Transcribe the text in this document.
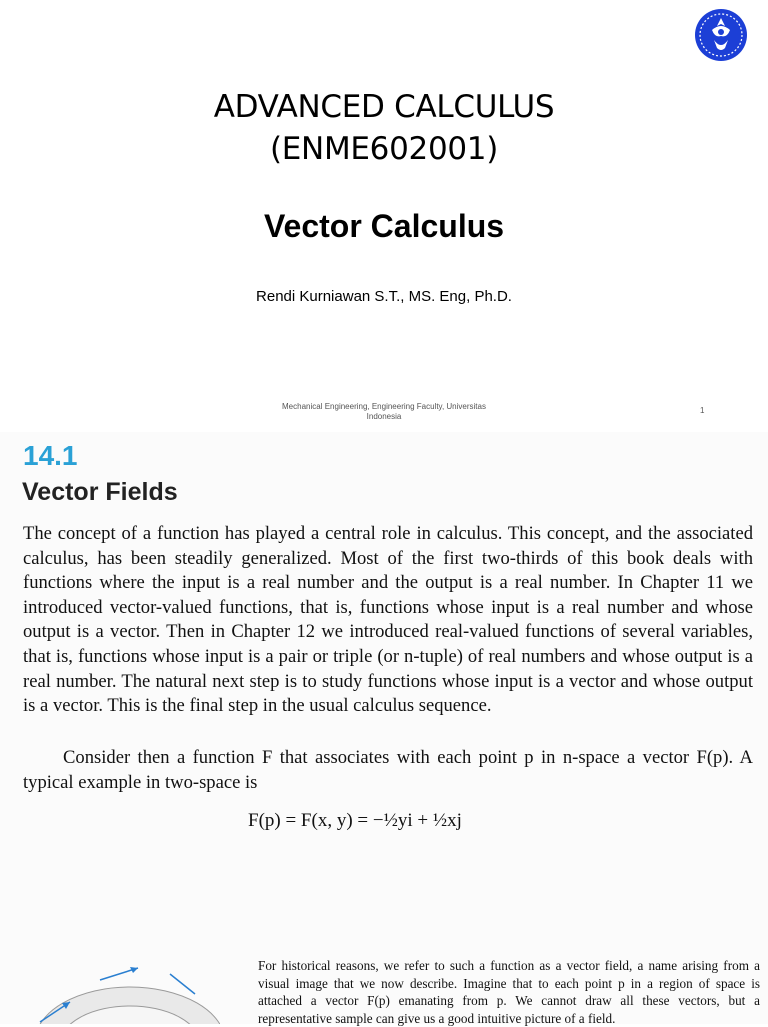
ADVANCED CALCULUS
(ENME602001)
Vector Calculus
Rendi Kurniawan S.T., MS. Eng, Ph.D.
Mechanical Engineering, Engineering Faculty, Universitas
Indonesia
1
14.1
Vector Fields
The concept of a function has played a central role in calculus. This concept, and the associated calculus, has been steadily generalized. Most of the first two-thirds of this book deals with functions where the input is a real number and the output is a real number. In Chapter 11 we introduced vector-valued functions, that is, functions whose input is a real number and whose output is a vector. Then in Chapter 12 we introduced real-valued functions of several variables, that is, functions whose input is a pair or triple (or n-tuple) of real numbers and whose output is a real number. The natural next step is to study functions whose input is a vector and whose output is a vector. This is the final step in the usual calculus sequence.
Consider then a function F that associates with each point p in n-space a vector F(p). A typical example in two-space is
F(p) = F(x, y) = −½yi + ½xj
For historical reasons, we refer to such a function as a vector field, a name arising from a visual image that we now describe. Imagine that to each point p in a region of space is attached a vector F(p) emanating from p. We cannot draw all these vectors, but a representative sample can give us a good intuitive picture of a field.
